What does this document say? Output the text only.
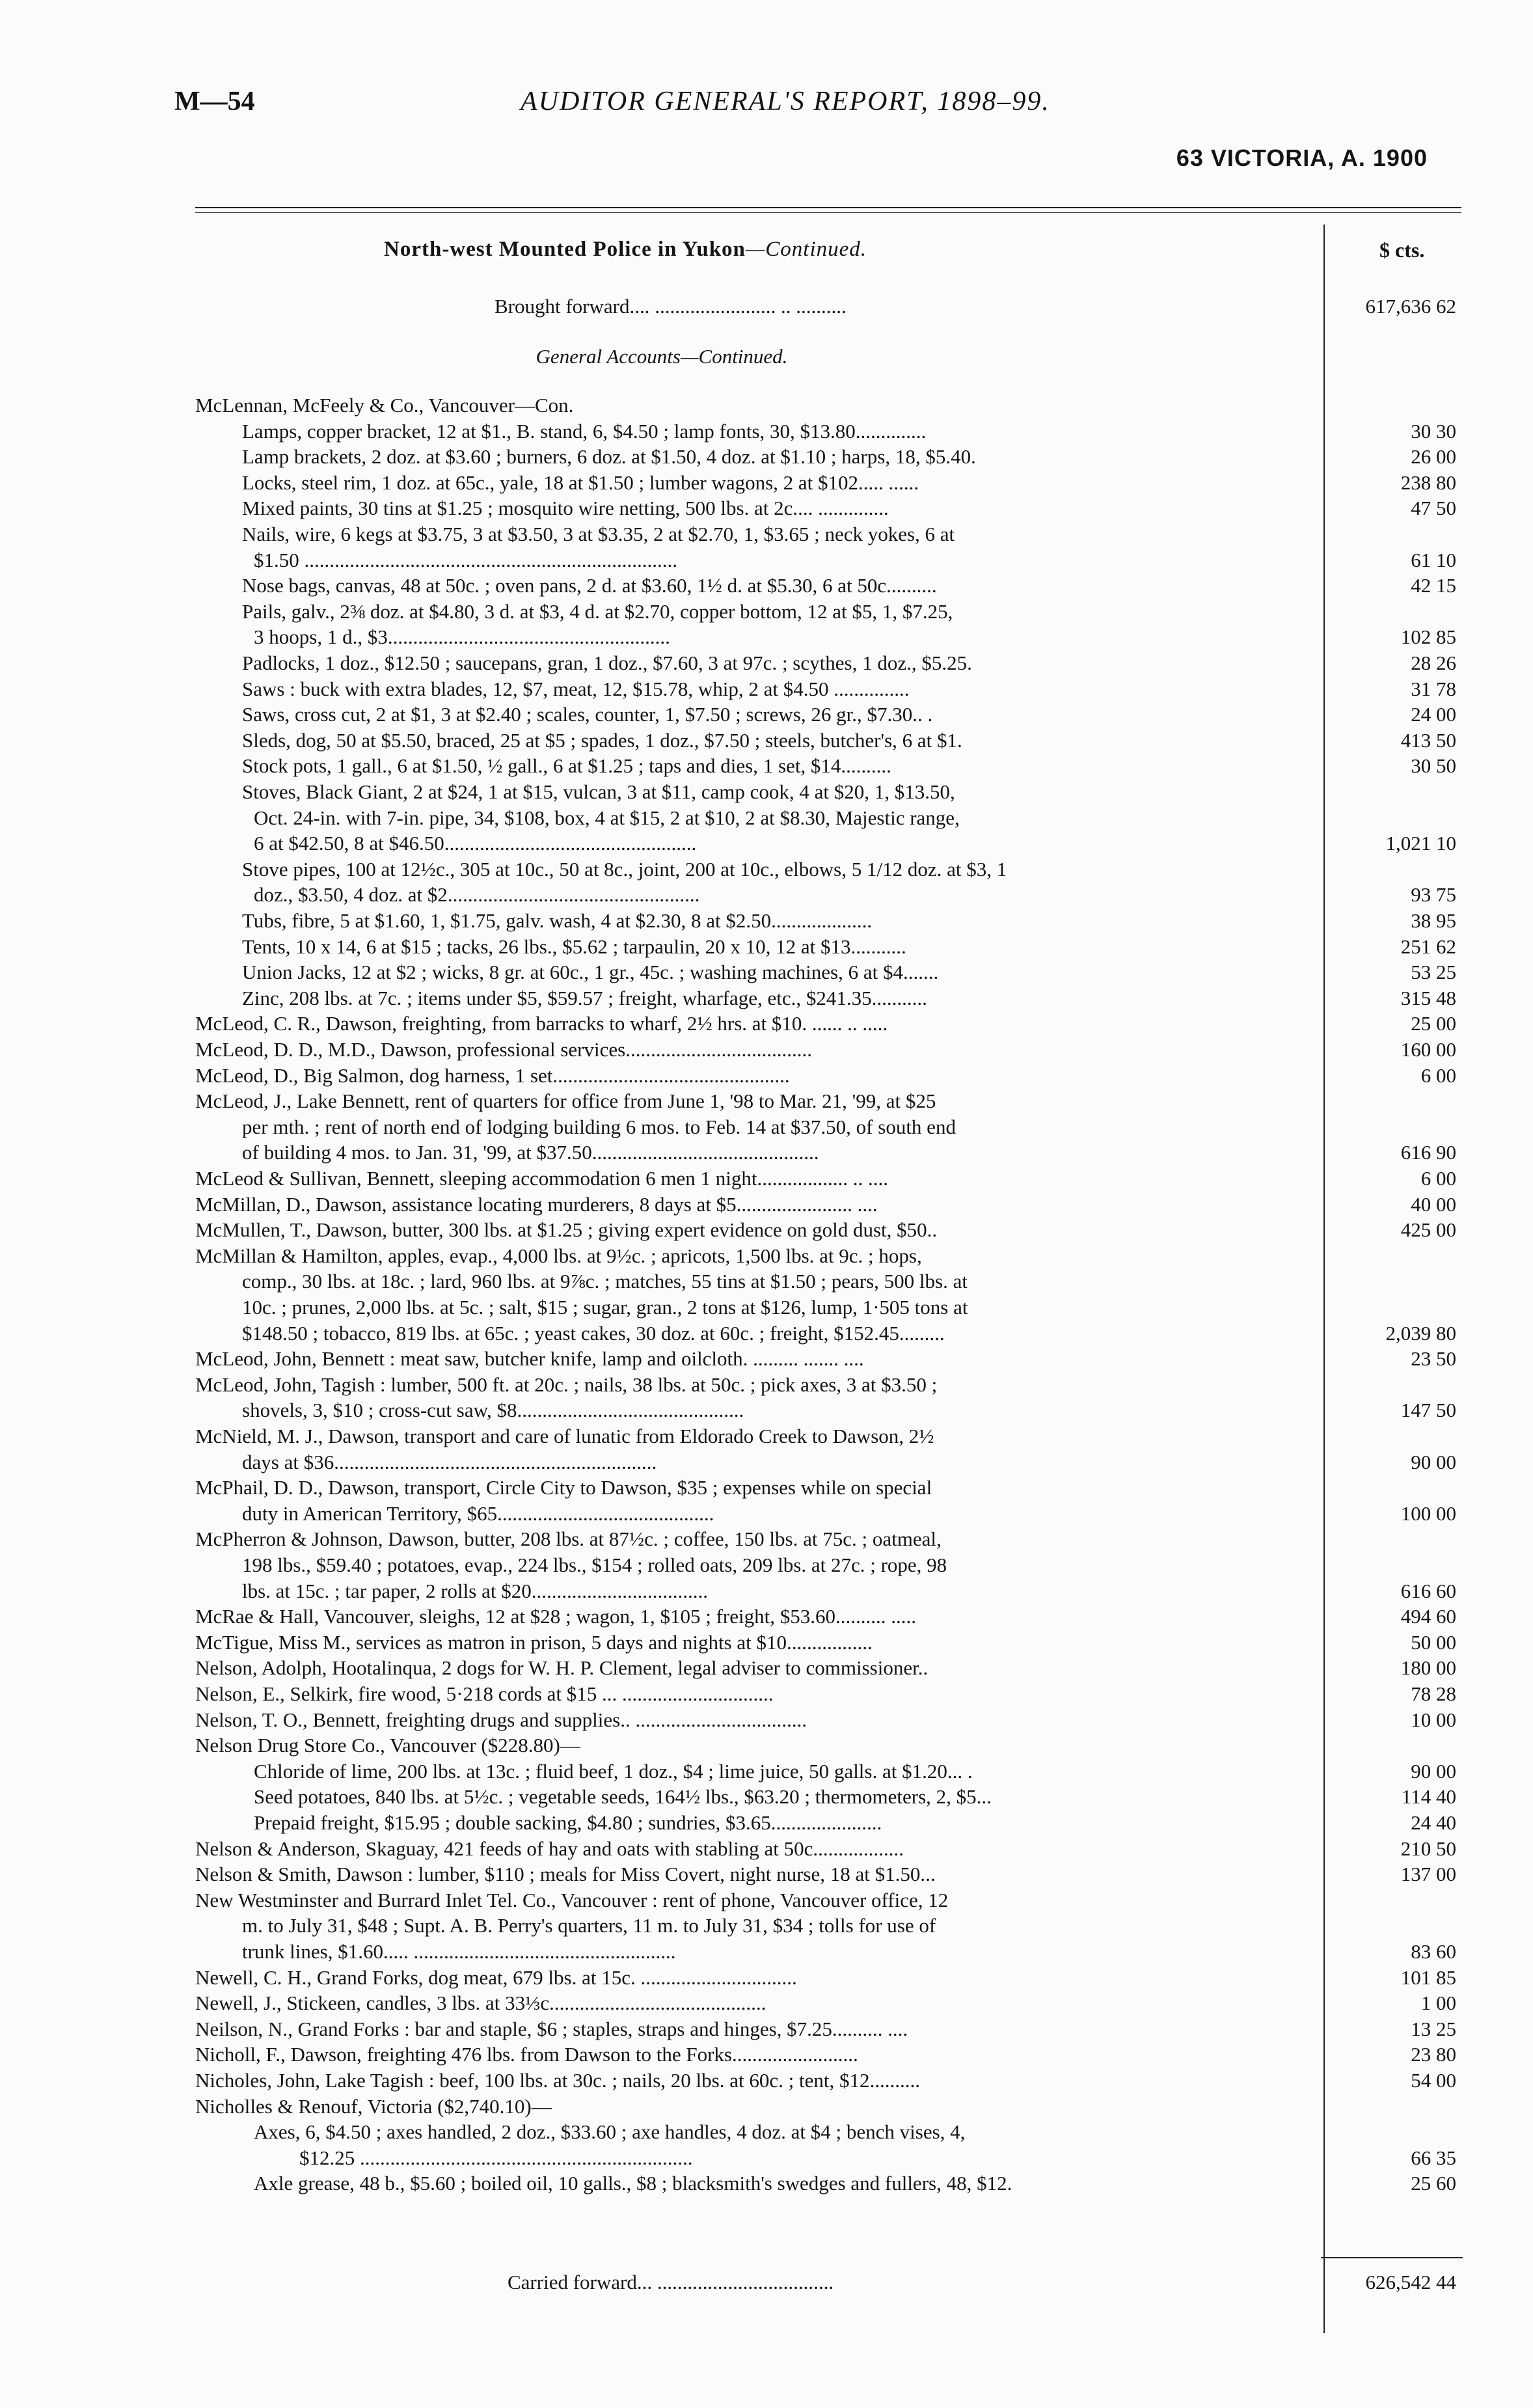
M—54	AUDITOR GENERAL'S REPORT, 1898–99.
63 VICTORIA, A. 1900
North-west Mounted Police in Yukon—Continued.	$ cts.
Brought forward.... ........................ .. ..........	617,636 62
General Accounts—Continued.
McLennan, McFeely & Co., Vancouver—Con.
Lamps, copper bracket, 12 at $1., B. stand, 6, $4.50 ; lamp fonts, 30, $13.80..............	30 30
Lamp brackets, 2 doz. at $3.60 ; burners, 6 doz. at $1.50, 4 doz. at $1.10 ; harps, 18, $5.40.	26 00
Locks, steel rim, 1 doz. at 65c., yale, 18 at $1.50 ; lumber wagons, 2 at $102..... ......	238 80
Mixed paints, 30 tins at $1.25 ; mosquito wire netting, 500 lbs. at 2c.... ..............	47 50
Nails, wire, 6 kegs at $3.75, 3 at $3.50, 3 at $3.35, 2 at $2.70, 1, $3.65 ; neck yokes, 6 at
$1.50 ..........................................................................	61 10
Nose bags, canvas, 48 at 50c. ; oven pans, 2 d. at $3.60, 1½ d. at $5.30, 6 at 50c..........	42 15
Pails, galv., 2⅜ doz. at $4.80, 3 d. at $3, 4 d. at $2.70, copper bottom, 12 at $5, 1, $7.25,
3 hoops, 1 d., $3........................................................	102 85
Padlocks, 1 doz., $12.50 ; saucepans, gran, 1 doz., $7.60, 3 at 97c. ; scythes, 1 doz., $5.25.	28 26
Saws : buck with extra blades, 12, $7, meat, 12, $15.78, whip, 2 at $4.50 ...............	31 78
Saws, cross cut, 2 at $1, 3 at $2.40 ; scales, counter, 1, $7.50 ; screws, 26 gr., $7.30.. .	24 00
Sleds, dog, 50 at $5.50, braced, 25 at $5 ; spades, 1 doz., $7.50 ; steels, butcher's, 6 at $1.	413 50
Stock pots, 1 gall., 6 at $1.50, ½ gall., 6 at $1.25 ; taps and dies, 1 set, $14..........	30 50
Stoves, Black Giant, 2 at $24, 1 at $15, vulcan, 3 at $11, camp cook, 4 at $20, 1, $13.50,
Oct. 24-in. with 7-in. pipe, 34, $108, box, 4 at $15, 2 at $10, 2 at $8.30, Majestic range,
6 at $42.50, 8 at $46.50..................................................	1,021 10
Stove pipes, 100 at 12½c., 305 at 10c., 50 at 8c., joint, 200 at 10c., elbows, 5 1/12 doz. at $3, 1
doz., $3.50, 4 doz. at $2..................................................	93 75
Tubs, fibre, 5 at $1.60, 1, $1.75, galv. wash, 4 at $2.30, 8 at $2.50....................	38 95
Tents, 10 x 14, 6 at $15 ; tacks, 26 lbs., $5.62 ; tarpaulin, 20 x 10, 12 at $13...........	251 62
Union Jacks, 12 at $2 ; wicks, 8 gr. at 60c., 1 gr., 45c. ; washing machines, 6 at $4.......	53 25
Zinc, 208 lbs. at 7c. ; items under $5, $59.57 ; freight, wharfage, etc., $241.35...........	315 48
McLeod, C. R., Dawson, freighting, from barracks to wharf, 2½ hrs. at $10. ...... .. .....	25 00
McLeod, D. D., M.D., Dawson, professional services.....................................	160 00
McLeod, D., Big Salmon, dog harness, 1 set...............................................	6 00
McLeod, J., Lake Bennett, rent of quarters for office from June 1, '98 to Mar. 21, '99, at $25
per mth. ; rent of north end of lodging building 6 mos. to Feb. 14 at $37.50, of south end
of building 4 mos. to Jan. 31, '99, at $37.50.............................................	616 90
McLeod & Sullivan, Bennett, sleeping accommodation 6 men 1 night.................. .. ....	6 00
McMillan, D., Dawson, assistance locating murderers, 8 days at $5....................... ....	40 00
McMullen, T., Dawson, butter, 300 lbs. at $1.25 ; giving expert evidence on gold dust, $50..	425 00
McMillan & Hamilton, apples, evap., 4,000 lbs. at 9½c. ; apricots, 1,500 lbs. at 9c. ; hops,
comp., 30 lbs. at 18c. ; lard, 960 lbs. at 9⅞c. ; matches, 55 tins at $1.50 ; pears, 500 lbs. at
10c. ; prunes, 2,000 lbs. at 5c. ; salt, $15 ; sugar, gran., 2 tons at $126, lump, 1·505 tons at
$148.50 ; tobacco, 819 lbs. at 65c. ; yeast cakes, 30 doz. at 60c. ; freight, $152.45.........	2,039 80
McLeod, John, Bennett : meat saw, butcher knife, lamp and oilcloth. ......... ....... ....	23 50
McLeod, John, Tagish : lumber, 500 ft. at 20c. ; nails, 38 lbs. at 50c. ; pick axes, 3 at $3.50 ;
shovels, 3, $10 ; cross-cut saw, $8.............................................	147 50
McNield, M. J., Dawson, transport and care of lunatic from Eldorado Creek to Dawson, 2½
days at $36................................................................	90 00
McPhail, D. D., Dawson, transport, Circle City to Dawson, $35 ; expenses while on special
duty in American Territory, $65...........................................	100 00
McPherron & Johnson, Dawson, butter, 208 lbs. at 87½c. ; coffee, 150 lbs. at 75c. ; oatmeal,
198 lbs., $59.40 ; potatoes, evap., 224 lbs., $154 ; rolled oats, 209 lbs. at 27c. ; rope, 98
lbs. at 15c. ; tar paper, 2 rolls at $20...................................	616 60
McRae & Hall, Vancouver, sleighs, 12 at $28 ; wagon, 1, $105 ; freight, $53.60.......... .....	494 60
McTigue, Miss M., services as matron in prison, 5 days and nights at $10.................	50 00
Nelson, Adolph, Hootalinqua, 2 dogs for W. H. P. Clement, legal adviser to commissioner..	180 00
Nelson, E., Selkirk, fire wood, 5·218 cords at $15 ... ..............................	78 28
Nelson, T. O., Bennett, freighting drugs and supplies.. ..................................	10 00
Nelson Drug Store Co., Vancouver ($228.80)—
Chloride of lime, 200 lbs. at 13c. ; fluid beef, 1 doz., $4 ; lime juice, 50 galls. at $1.20... .	90 00
Seed potatoes, 840 lbs. at 5½c. ; vegetable seeds, 164½ lbs., $63.20 ; thermometers, 2, $5...	114 40
Prepaid freight, $15.95 ; double sacking, $4.80 ; sundries, $3.65......................	24 40
Nelson & Anderson, Skaguay, 421 feeds of hay and oats with stabling at 50c..................	210 50
Nelson & Smith, Dawson : lumber, $110 ; meals for Miss Covert, night nurse, 18 at $1.50...	137 00
New Westminster and Burrard Inlet Tel. Co., Vancouver : rent of phone, Vancouver office, 12
m. to July 31, $48 ; Supt. A. B. Perry's quarters, 11 m. to July 31, $34 ; tolls for use of
trunk lines, $1.60..... ....................................................	83 60
Newell, C. H., Grand Forks, dog meat, 679 lbs. at 15c. ...............................	101 85
Newell, J., Stickeen, candles, 3 lbs. at 33⅓c...........................................	1 00
Neilson, N., Grand Forks : bar and staple, $6 ; staples, straps and hinges, $7.25.......... ....	13 25
Nicholl, F., Dawson, freighting 476 lbs. from Dawson to the Forks.........................	23 80
Nicholes, John, Lake Tagish : beef, 100 lbs. at 30c. ; nails, 20 lbs. at 60c. ; tent, $12..........	54 00
Nicholles & Renouf, Victoria ($2,740.10)—
Axes, 6, $4.50 ; axes handled, 2 doz., $33.60 ; axe handles, 4 doz. at $4 ; bench vises, 4,
$12.25 ..................................................................	66 35
Axle grease, 48 b., $5.60 ; boiled oil, 10 galls., $8 ; blacksmith's swedges and fullers, 48, $12.	25 60
Carried forward... ...................................	626,542 44
